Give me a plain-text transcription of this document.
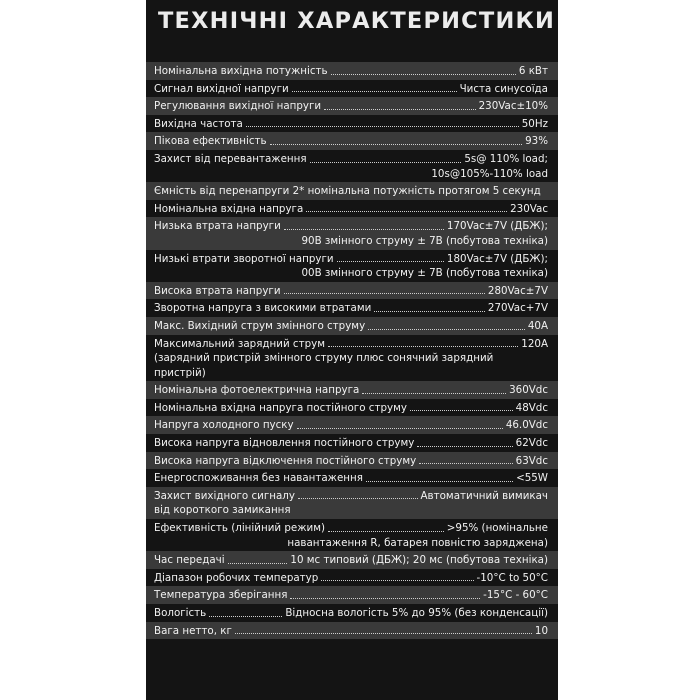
ТЕХНІЧНІ ХАРАКТЕРИСТИКИ
Номінальна вихідна потужність	6 кВт
Сигнал вихідної напруги	Чиста синусоїда
Регулювання вихідної напруги	230Vac±10%
Вихідна частота	50Hz
Пікова ефективність	93%
Захист від перевантаження	5s@ 110% load;
10s@105%-110% load
Ємність від перенапруги 2* номінальна потужність протягом 5 секунд
Номінальна вхідна напруга	230Vac
Низька втрата напруги	170Vac±7V (ДБЖ);
90В змінного струму ± 7В (побутова техніка)
Низькі втрати зворотної напруги	180Vac±7V (ДБЖ);
00В змінного струму ± 7В (побутова техніка)
Висока втрата напруги	280Vac±7V
Зворотна напруга з високими втратами	270Vac+7V
Макс. Вихідний струм змінного струму	40A
Максимальний зарядний струм	120A
(зарядний пристрій змінного струму плюс сонячний зарядний пристрій)
Номінальна фотоелектрична напруга	360Vdc
Номінальна вхідна напруга постійного струму	48Vdc
Напруга холодного пуску	46.0Vdc
Висока напруга відновлення постійного струму	62Vdc
Висока напруга відключення постійного струму	63Vdc
Енергоспоживання без навантаження	<55W
Захист вихідного сигналу	Автоматичний вимикач
від короткого замикання
Ефективність (лінійний режим)	>95% (номінальне
навантаження R, батарея повністю заряджена)
Час передачі	10 мс типовий (ДБЖ); 20 мс (побутова техніка)
Діапазон робочих температур	-10°C to 50°C
Температура зберігання	-15°C - 60°C
Вологість	Відносна вологість 5% до 95% (без конденсації)
Вага нетто, кг	10
